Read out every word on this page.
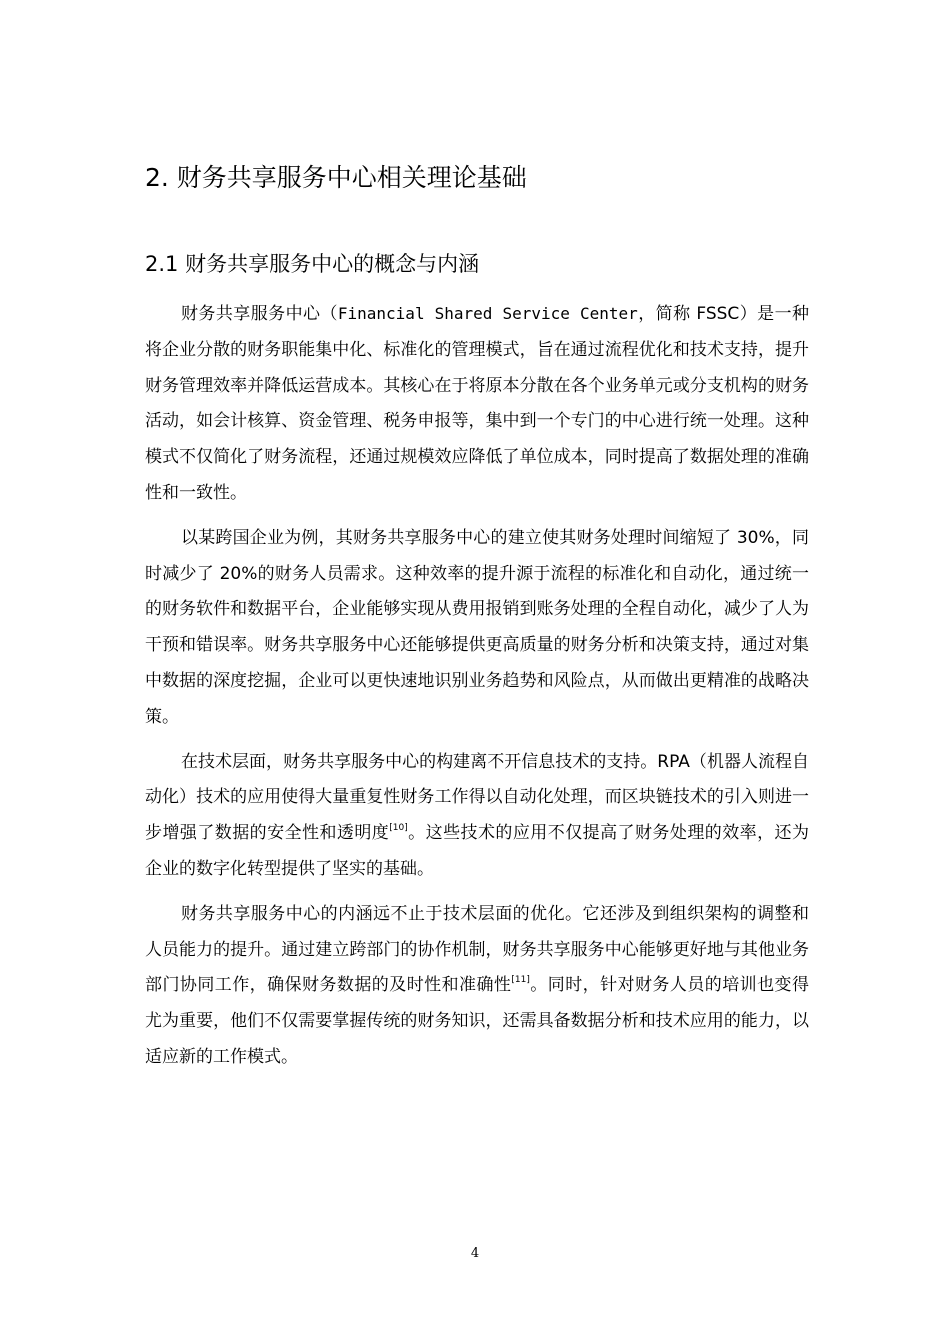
2. 财务共享服务中心相关理论基础
2.1 财务共享服务中心的概念与内涵

财务共享服务中心（Financial Shared Service Center，简称 FSSC）是一种将企业分散的财务职能集中化、标准化的管理模式，旨在通过流程优化和技术支持，提升财务管理效率并降低运营成本。其核心在于将原本分散在各个业务单元或分支机构的财务活动，如会计核算、资金管理、税务申报等，集中到一个专门的中心进行统一处理。这种模式不仅简化了财务流程，还通过规模效应降低了单位成本，同时提高了数据处理的准确性和一致性。

以某跨国企业为例，其财务共享服务中心的建立使其财务处理时间缩短了 30%，同时减少了 20%的财务人员需求。这种效率的提升源于流程的标准化和自动化，通过统一的财务软件和数据平台，企业能够实现从费用报销到账务处理的全程自动化，减少了人为干预和错误率。财务共享服务中心还能够提供更高质量的财务分析和决策支持，通过对集中数据的深度挖掘，企业可以更快速地识别业务趋势和风险点，从而做出更精准的战略决策。

在技术层面，财务共享服务中心的构建离不开信息技术的支持。RPA（机器人流程自动化）技术的应用使得大量重复性财务工作得以自动化处理，而区块链技术的引入则进一步增强了数据的安全性和透明度[10]。这些技术的应用不仅提高了财务处理的效率，还为企业的数字化转型提供了坚实的基础。

财务共享服务中心的内涵远不止于技术层面的优化。它还涉及到组织架构的调整和人员能力的提升。通过建立跨部门的协作机制，财务共享服务中心能够更好地与其他业务部门协同工作，确保财务数据的及时性和准确性[11]。同时，针对财务人员的培训也变得尤为重要，他们不仅需要掌握传统的财务知识，还需具备数据分析和技术应用的能力，以适应新的工作模式。

4
